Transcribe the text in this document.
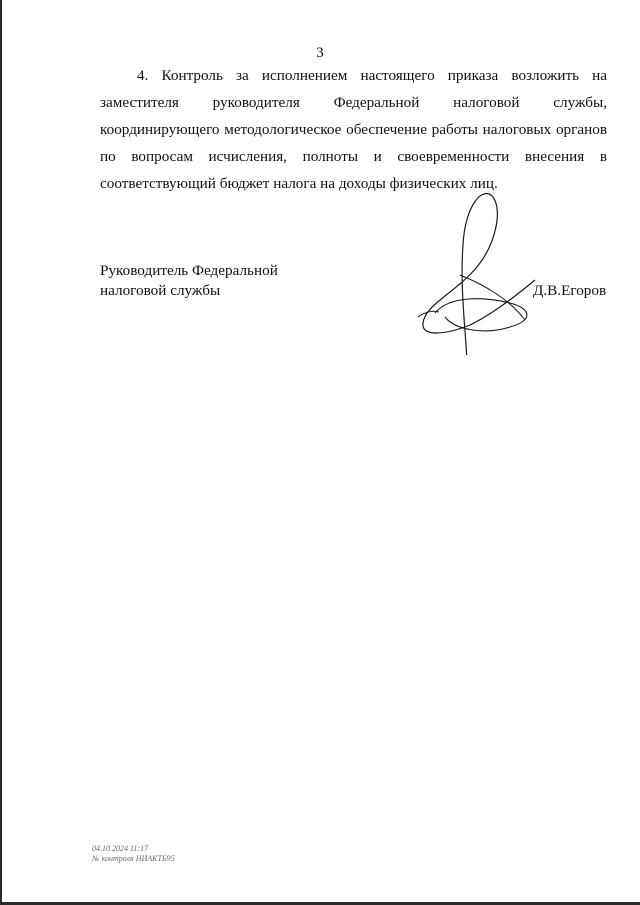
3

4. Контроль за исполнением настоящего приказа возложить на заместителя руководителя Федеральной налоговой службы, координирующего методологическое обеспечение работы налоговых органов по вопросам исчисления, полноты и своевременности внесения в соответствующий бюджет налога на доходы физических лиц.

Руководитель Федеральной
налоговой службы	Д.В.Егоров
04.10.2024 11:17
№ контроля НИАКТБ95
